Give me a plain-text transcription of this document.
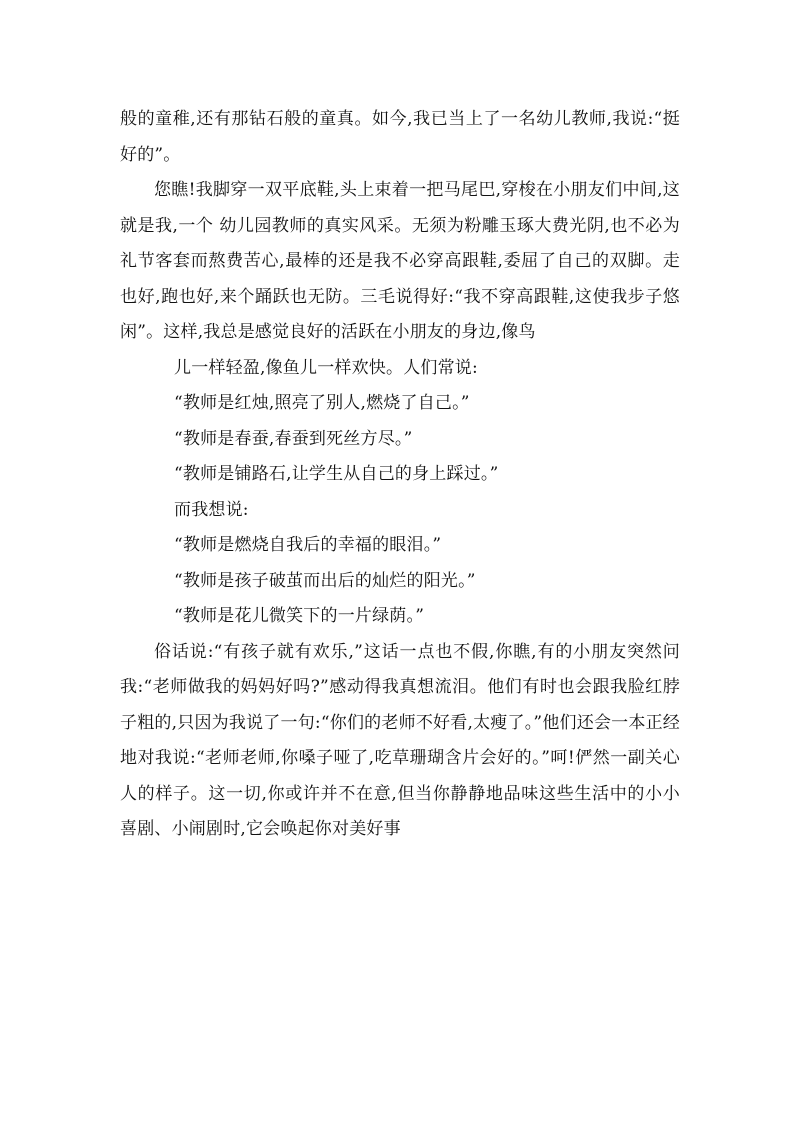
般的童稚,还有那钻石般的童真。如今,我已当上了一名幼儿教师,我说:“挺好的”。

您瞧!我脚穿一双平底鞋,头上束着一把马尾巴,穿梭在小朋友们中间,这就是我,一个 幼儿园教师的真实风采。无须为粉雕玉琢大费光阴,也不必为礼节客套而熬费苦心,最棒的还是我不必穿高跟鞋,委屈了自己的双脚。走也好,跑也好,来个踊跃也无防。三毛说得好:“我不穿高跟鞋,这使我步子悠闲”。这样,我总是感觉良好的活跃在小朋友的身边,像鸟

儿一样轻盈,像鱼儿一样欢快。人们常说:

“教师是红烛,照亮了别人,燃烧了自己。”

“教师是春蚕,春蚕到死丝方尽。”

“教师是铺路石,让学生从自己的身上踩过。”

而我想说:

“教师是燃烧自我后的幸福的眼泪。”

“教师是孩子破茧而出后的灿烂的阳光。”

“教师是花儿微笑下的一片绿荫。”

俗话说:“有孩子就有欢乐,”这话一点也不假,你瞧,有的小朋友突然问我:“老师做我的妈妈好吗?”感动得我真想流泪。他们有时也会跟我脸红脖子粗的,只因为我说了一句:“你们的老师不好看,太瘦了。”他们还会一本正经地对我说:“老师老师,你嗓子哑了,吃草珊瑚含片会好的。”呵!俨然一副关心人的样子。这一切,你或许并不在意,但当你静静地品味这些生活中的小小喜剧、小闹剧时,它会唤起你对美好事
